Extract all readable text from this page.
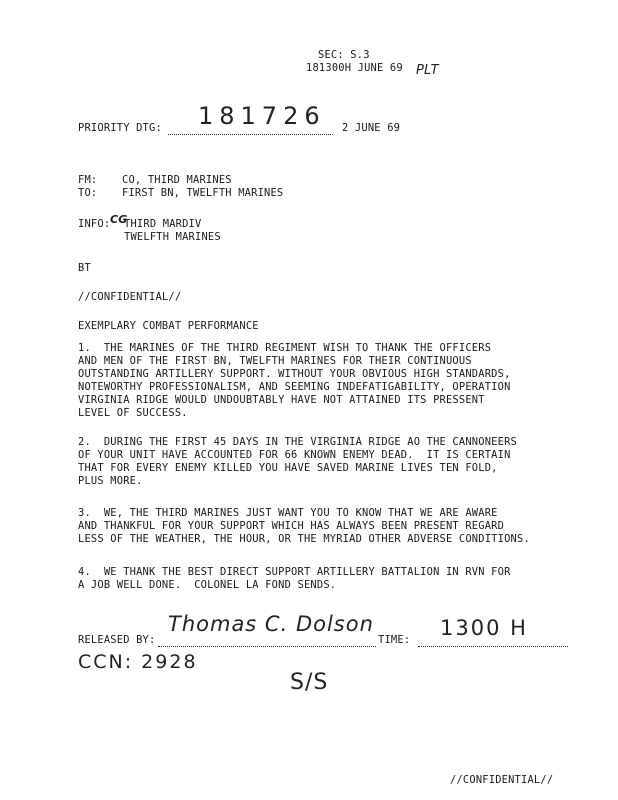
SEC: S.3
181300H JUNE 69 PLT
PRIORITY DTG: 181726 2 JUNE 69
FM: CO, THIRD MARINES
TO: FIRST BN, TWELFTH MARINES
INFO: CG
THIRD MARDIV
TWELFTH MARINES
BT
//CONFIDENTIAL//
EXEMPLARY COMBAT PERFORMANCE
1.  THE MARINES OF THE THIRD REGIMENT WISH TO THANK THE OFFICERS
AND MEN OF THE FIRST BN, TWELFTH MARINES FOR THEIR CONTINUOUS
OUTSTANDING ARTILLERY SUPPORT. WITHOUT YOUR OBVIOUS HIGH STANDARDS,
NOTEWORTHY PROFESSIONALISM, AND SEEMING INDEFATIGABILITY, OPERATION
VIRGINIA RIDGE WOULD UNDOUBTABLY HAVE NOT ATTAINED ITS PRESSENT
LEVEL OF SUCCESS.
2.  DURING THE FIRST 45 DAYS IN THE VIRGINIA RIDGE AO THE CANNONEERS
OF YOUR UNIT HAVE ACCOUNTED FOR 66 KNOWN ENEMY DEAD.  IT IS CERTAIN
THAT FOR EVERY ENEMY KILLED YOU HAVE SAVED MARINE LIVES TEN FOLD,
PLUS MORE.
3.  WE, THE THIRD MARINES JUST WANT YOU TO KNOW THAT WE ARE AWARE
AND THANKFUL FOR YOUR SUPPORT WHICH HAS ALWAYS BEEN PRESENT REGARD
LESS OF THE WEATHER, THE HOUR, OR THE MYRIAD OTHER ADVERSE CONDITIONS.
4.  WE THANK THE BEST DIRECT SUPPORT ARTILLERY BATTALION IN RVN FOR
A JOB WELL DONE.  COLONEL LA FOND SENDS.
RELEASED BY:
Thomas C. Dolson
TIME: 1300 H
CCN: 2928
S/S
//CONFIDENTIAL//
